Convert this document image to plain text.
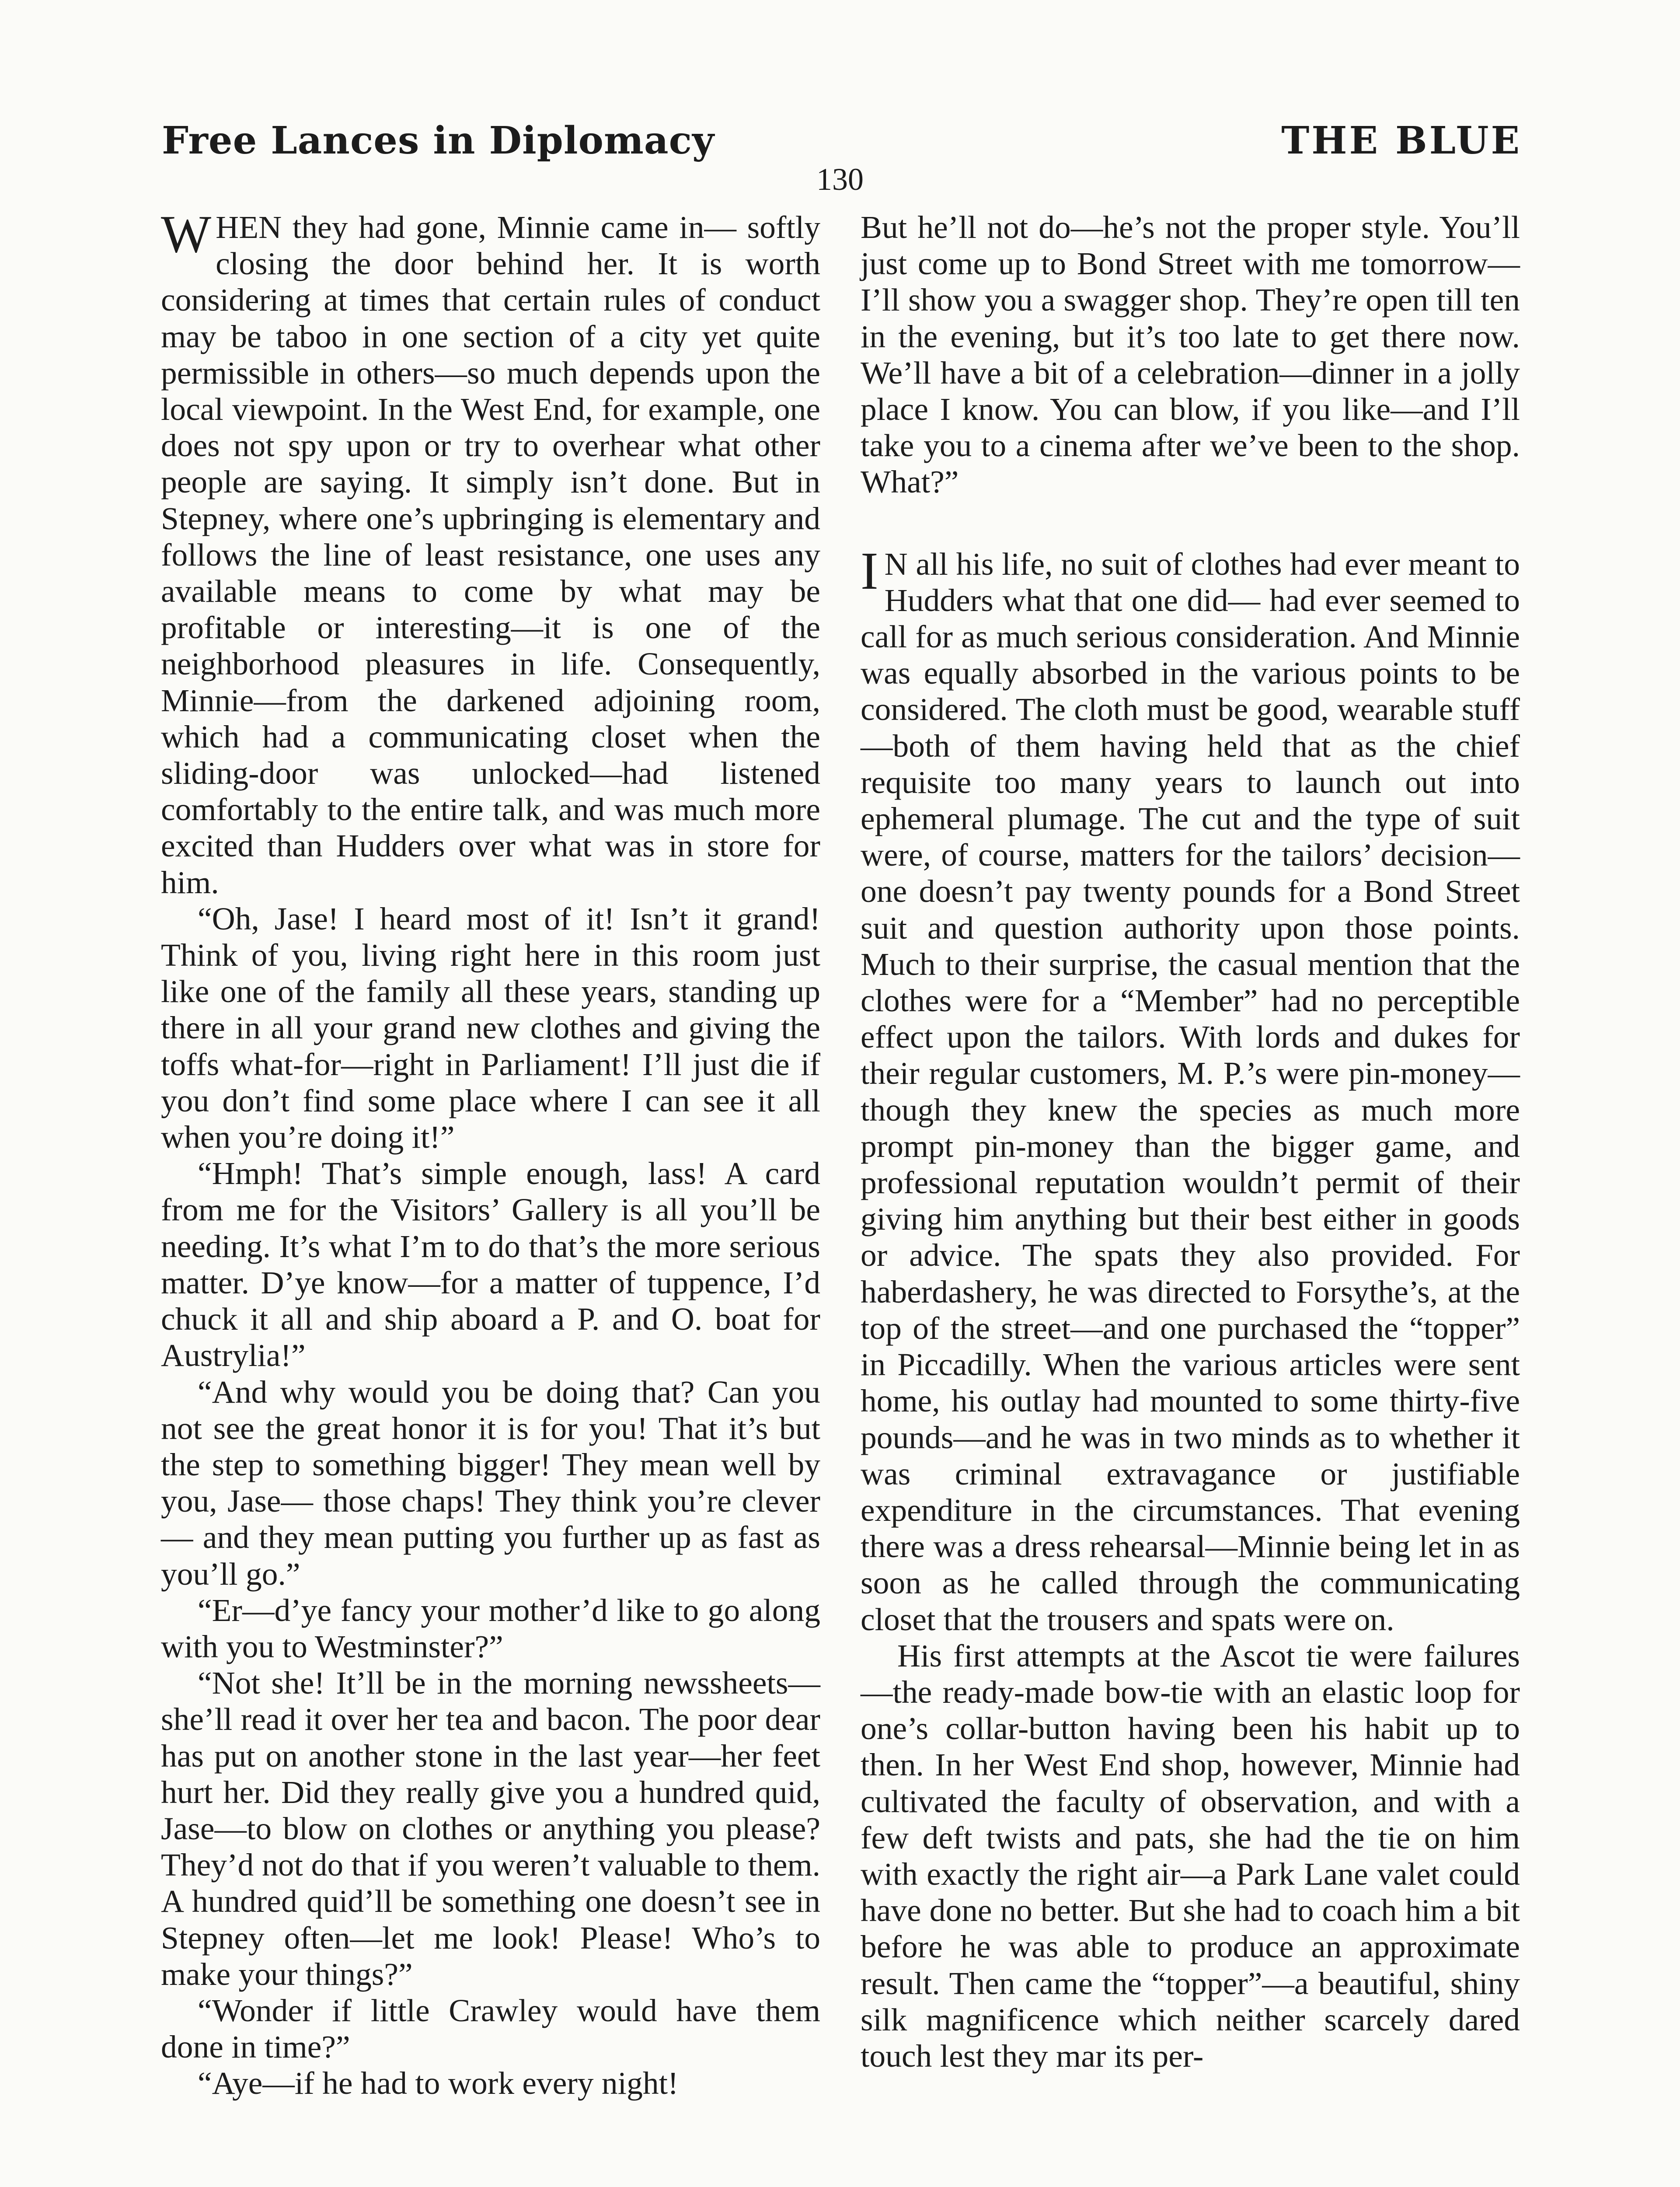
Free Lances in Diplomacy	THE BLUE
130

WHEN they had gone, Minnie came in— softly closing the door behind her. It is worth considering at times that certain rules of conduct may be taboo in one section of a city yet quite permissible in others—so much depends upon the local viewpoint. In the West End, for example, one does not spy upon or try to overhear what other people are saying. It simply isn’t done. But in Stepney, where one’s upbringing is elementary and follows the line of least resistance, one uses any available means to come by what may be profitable or interesting—it is one of the neighborhood pleasures in life. Consequently, Minnie—from the darkened adjoining room, which had a communicating closet when the sliding-door was unlocked—had listened comfortably to the entire talk, and was much more excited than Hudders over what was in store for him.

“Oh, Jase! I heard most of it! Isn’t it grand! Think of you, living right here in this room just like one of the family all these years, standing up there in all your grand new clothes and giving the toffs what-for—right in Parliament! I’ll just die if you don’t find some place where I can see it all when you’re doing it!”

“Hmph! That’s simple enough, lass! A card from me for the Visitors’ Gallery is all you’ll be needing. It’s what I’m to do that’s the more serious matter. D’ye know—for a matter of tuppence, I’d chuck it all and ship aboard a P. and O. boat for Austrylia!”

“And why would you be doing that? Can you not see the great honor it is for you! That it’s but the step to something bigger! They mean well by you, Jase— those chaps! They think you’re clever— and they mean putting you further up as fast as you’ll go.”

“Er—d’ye fancy your mother’d like to go along with you to Westminster?”

“Not she! It’ll be in the morning newssheets—she’ll read it over her tea and bacon. The poor dear has put on another stone in the last year—her feet hurt her. Did they really give you a hundred quid, Jase—to blow on clothes or anything you please? They’d not do that if you weren’t valuable to them. A hundred quid’ll be something one doesn’t see in Stepney often—let me look! Please! Who’s to make your things?”

“Wonder if little Crawley would have them done in time?”

“Aye—if he had to work every night!

But he’ll not do—he’s not the proper style. You’ll just come up to Bond Street with me tomorrow—I’ll show you a swagger shop. They’re open till ten in the evening, but it’s too late to get there now. We’ll have a bit of a celebration—dinner in a jolly place I know. You can blow, if you like—and I’ll take you to a cinema after we’ve been to the shop. What?”

I N all his life, no suit of clothes had ever meant to Hudders what that one did— had ever seemed to call for as much serious consideration. And Minnie was equally absorbed in the various points to be considered. The cloth must be good, wearable stuff—both of them having held that as the chief requisite too many years to launch out into ephemeral plumage. The cut and the type of suit were, of course, matters for the tailors’ decision—one doesn’t pay twenty pounds for a Bond Street suit and question authority upon those points. Much to their surprise, the casual mention that the clothes were for a “Member” had no perceptible effect upon the tailors. With lords and dukes for their regular customers, M. P.’s were pin-money—though they knew the species as much more prompt pin-money than the bigger game, and professional reputation wouldn’t permit of their giving him anything but their best either in goods or advice. The spats they also provided. For haberdashery, he was directed to Forsythe’s, at the top of the street—and one purchased the “topper” in Piccadilly. When the various articles were sent home, his outlay had mounted to some thirty-five pounds—and he was in two minds as to whether it was criminal extravagance or justifiable expenditure in the circumstances. That evening there was a dress rehearsal—Minnie being let in as soon as he called through the communicating closet that the trousers and spats were on.

His first attempts at the Ascot tie were failures—the ready-made bow-tie with an elastic loop for one’s collar-button having been his habit up to then. In her West End shop, however, Minnie had cultivated the faculty of observation, and with a few deft twists and pats, she had the tie on him with exactly the right air—a Park Lane valet could have done no better. But she had to coach him a bit before he was able to produce an approximate result. Then came the “topper”—a beautiful, shiny silk magnificence which neither scarcely dared touch lest they mar its per-
